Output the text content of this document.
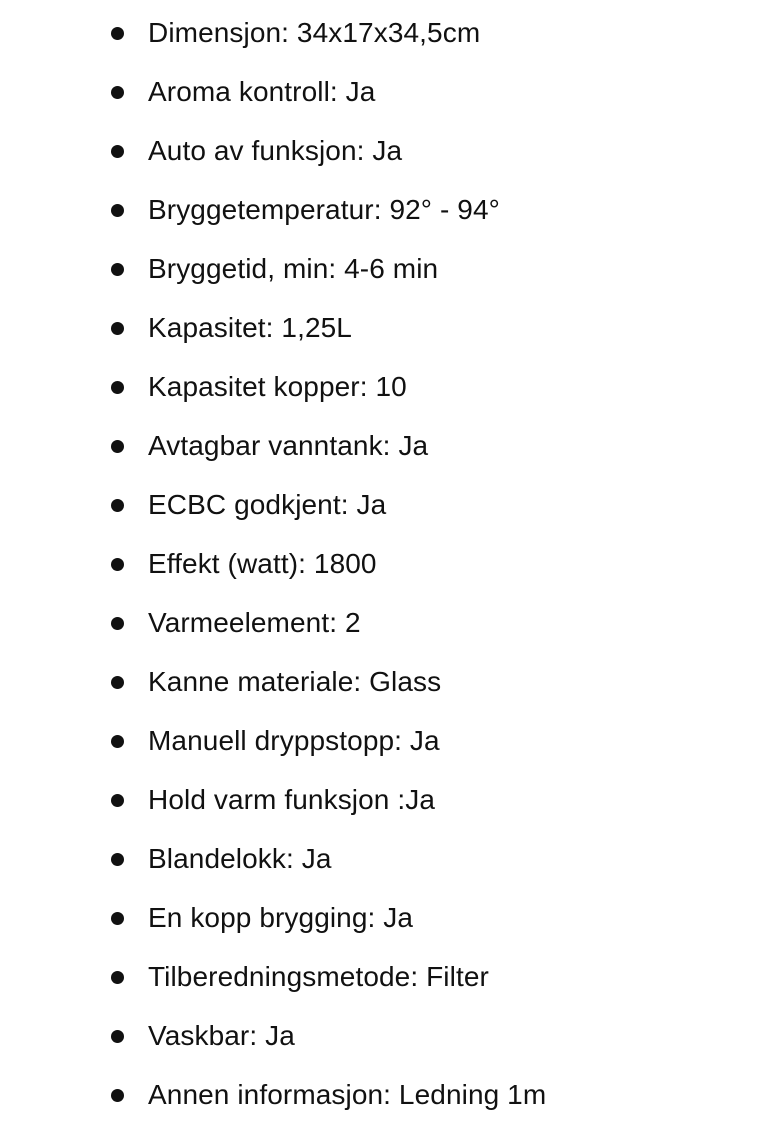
Dimensjon: 34x17x34,5cm
Aroma kontroll: Ja
Auto av funksjon: Ja
Bryggetemperatur: 92° - 94°
Bryggetid, min: 4-6 min
Kapasitet: 1,25L
Kapasitet kopper: 10
Avtagbar vanntank: Ja
ECBC godkjent: Ja
Effekt (watt): 1800
Varmeelement: 2
Kanne materiale: Glass
Manuell dryppstopp: Ja
Hold varm funksjon :Ja
Blandelokk: Ja
En kopp brygging: Ja
Tilberedningsmetode: Filter
Vaskbar: Ja
Annen informasjon: Ledning 1m
